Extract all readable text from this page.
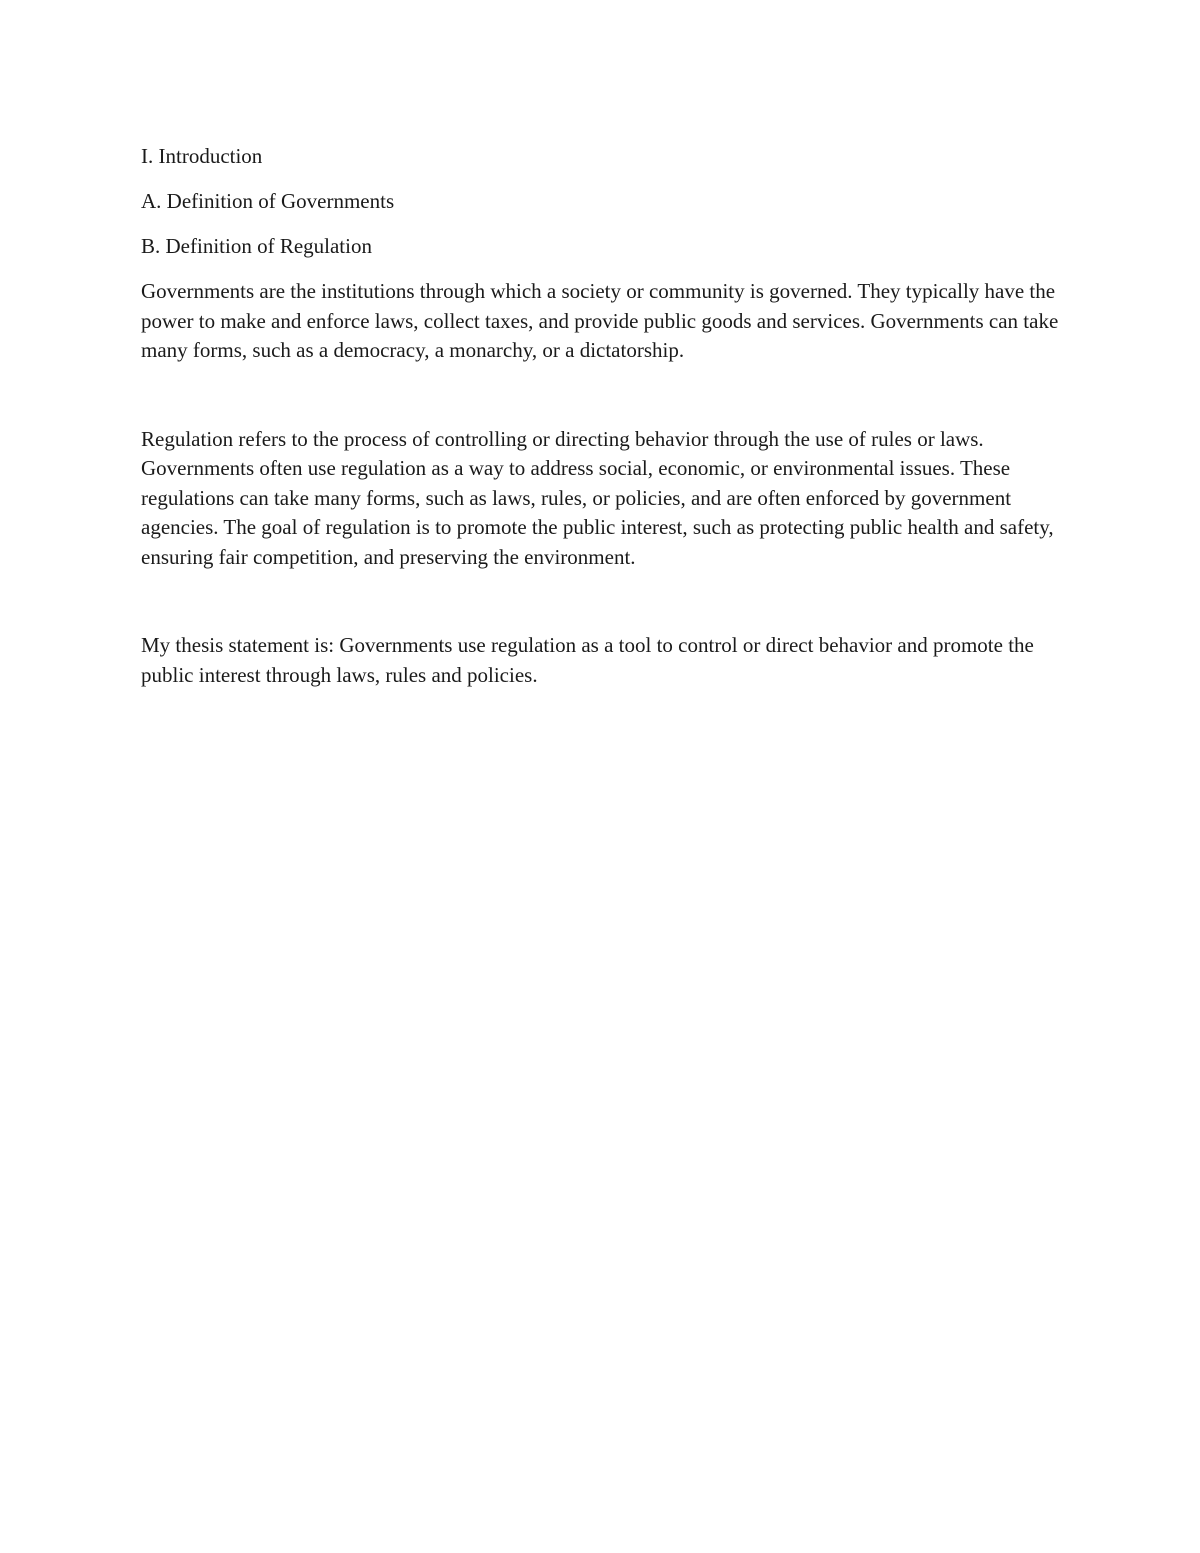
I. Introduction

A. Definition of Governments

B. Definition of Regulation

Governments are the institutions through which a society or community is governed. They typically have the power to make and enforce laws, collect taxes, and provide public goods and services. Governments can take many forms, such as a democracy, a monarchy, or a dictatorship.

Regulation refers to the process of controlling or directing behavior through the use of rules or laws. Governments often use regulation as a way to address social, economic, or environmental issues. These regulations can take many forms, such as laws, rules, or policies, and are often enforced by government agencies. The goal of regulation is to promote the public interest, such as protecting public health and safety, ensuring fair competition, and preserving the environment.

My thesis statement is: Governments use regulation as a tool to control or direct behavior and promote the public interest through laws, rules and policies.
